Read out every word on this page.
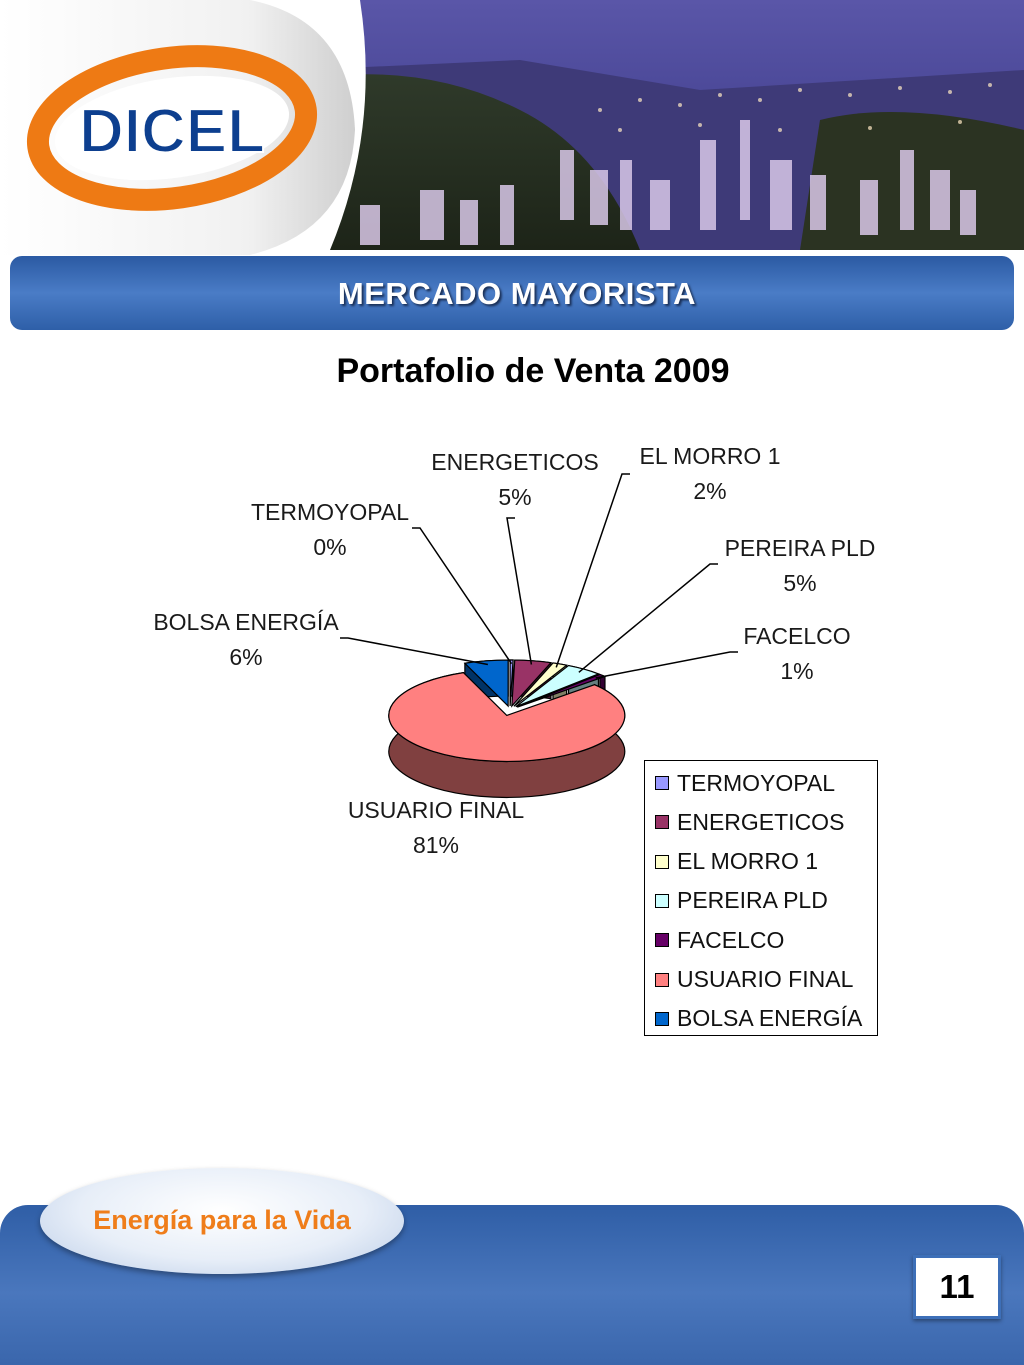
DICEL
MERCADO MAYORISTA
Portafolio de Venta 2009
TERMOYOPAL
0%
ENERGETICOS
5%
EL MORRO 1
2%
PEREIRA PLD
5%
FACELCO
1%
USUARIO FINAL
81%
BOLSA ENERGÍA
6%
TERMOYOPAL
ENERGETICOS
EL MORRO 1
PEREIRA PLD
FACELCO
USUARIO FINAL
BOLSA ENERGÍA
Energía para la Vida
11
